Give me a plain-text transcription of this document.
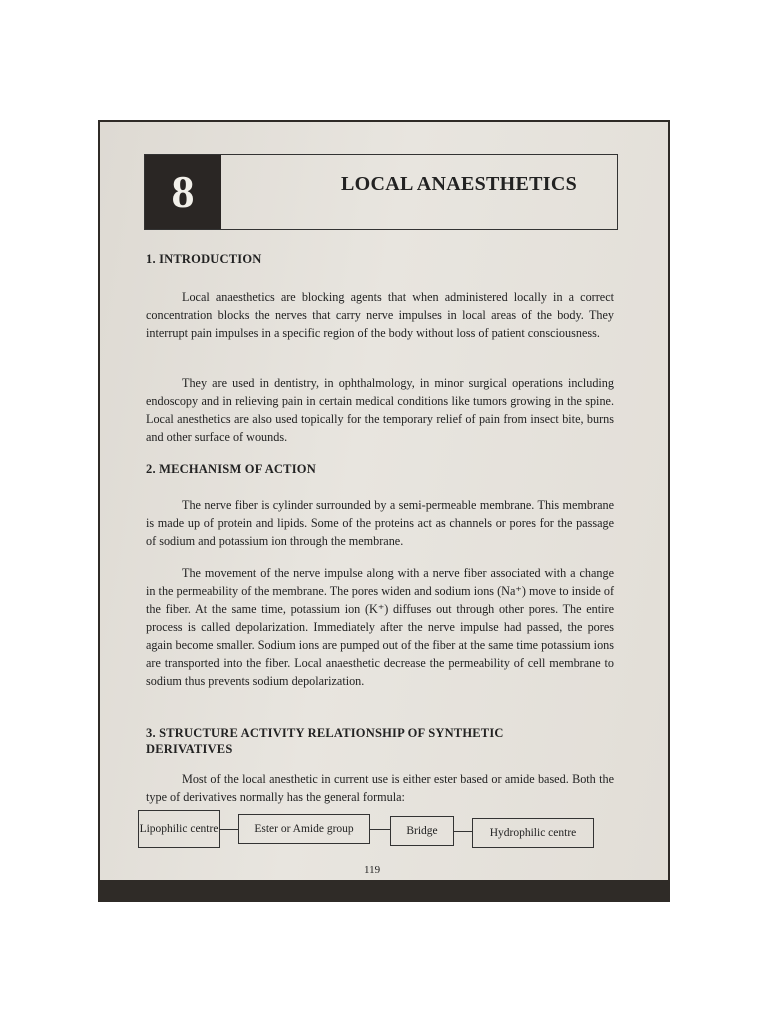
8	LOCAL ANAESTHETICS
1. INTRODUCTION

Local anaesthetics are blocking agents that when administered locally in a correct concentration blocks the nerves that carry nerve impulses in local areas of the body. They interrupt pain impulses in a specific region of the body without loss of patient consciousness.

They are used in dentistry, in ophthalmology, in minor surgical operations including endoscopy and in relieving pain in certain medical conditions like tumors growing in the spine. Local anesthetics are also used topically for the temporary relief of pain from insect bite, burns and other surface of wounds.

2. MECHANISM OF ACTION

The nerve fiber is cylinder surrounded by a semi-permeable membrane. This membrane is made up of protein and lipids. Some of the proteins act as channels or pores for the passage of sodium and potassium ion through the membrane.

The movement of the nerve impulse along with a nerve fiber associated with a change in the permeability of the membrane. The pores widen and sodium ions (Na⁺) move to inside of the fiber. At the same time, potassium ion (K⁺) diffuses out through other pores. The entire process is called depolarization. Immediately after the nerve impulse had passed, the pores again become smaller. Sodium ions are pumped out of the fiber at the same time potassium ions are transported into the fiber. Local anaesthetic decrease the permeability of cell membrane to sodium thus prevents sodium depolarization.

3. STRUCTURE ACTIVITY RELATIONSHIP OF SYNTHETIC
DERIVATIVES

Most of the local anesthetic in current use is either ester based or amide based. Both the type of derivatives normally has the general formula:

Lipophilic centre	Ester or Amide group	Bridge	Hydrophilic centre
119
